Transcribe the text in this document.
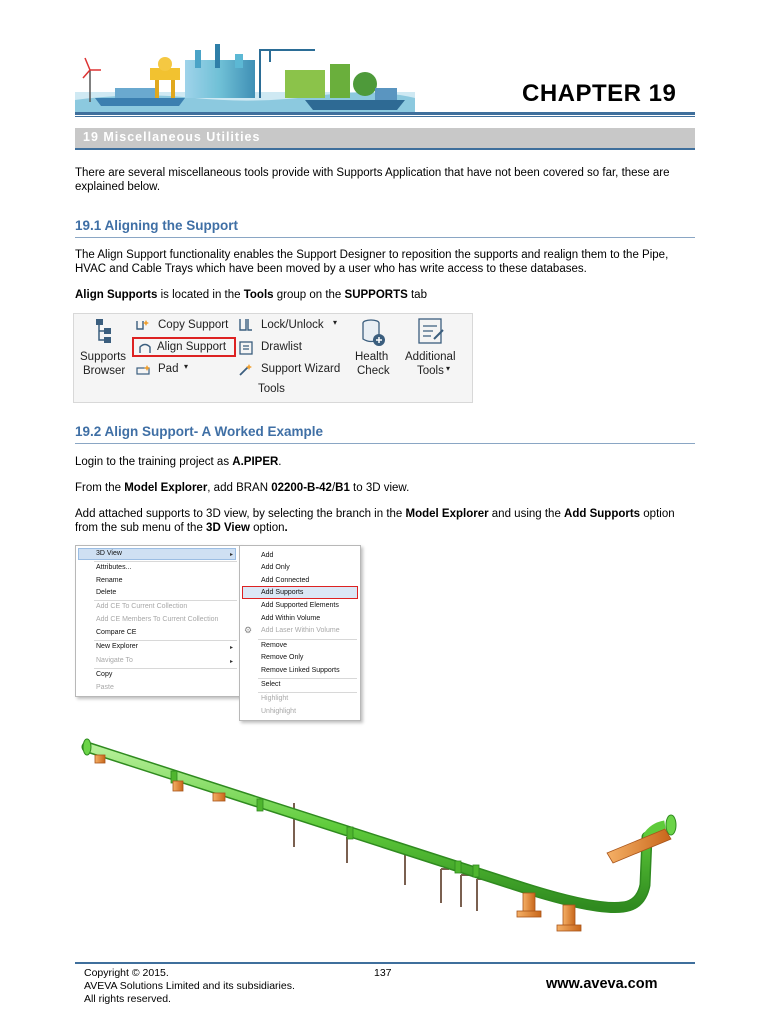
CHAPTER 19
19 Miscellaneous Utilities

There are several miscellaneous tools provide with Supports Application that have not been covered so far, these are explained below.

19.1 Aligning the Support

The Align Support functionality enables the Support Designer to reposition the supports and realign them to the Pipe, HVAC and Cable Trays which have been moved by a user who has write access to these databases.

Align Supports is located in the Tools group on the SUPPORTS tab

Supports
Browser
Copy Support
Align Support
Pad ▾
Lock/Unlock ▾
Drawlist
Support Wizard
Health
Check
Additional
Tools ▾
Tools
19.2 Align Support- A Worked Example

Login to the training project as A.PIPER.

From the Model Explorer, add BRAN 02200-B-42/B1 to 3D view.

Add attached supports to 3D view, by selecting the branch in the Model Explorer and using the Add Supports option from the sub menu of the 3D View option.

3D View
Attributes...
Rename
Delete
Add CE To Current Collection
Add CE Members To Current Collection
Compare CE
New Explorer
Navigate To
Copy
Paste
▸
▸
▸
Add
Add Only
Add Connected
Add Supports
Add Supported Elements
Add Within Volume
Add Laser Within Volume
Remove
Remove Only
Remove Linked Supports
Select
Highlight
Unhighlight
⚙
Copyright © 2015.
AVEVA Solutions Limited and its subsidiaries.
All rights reserved.
137
www.aveva.com
